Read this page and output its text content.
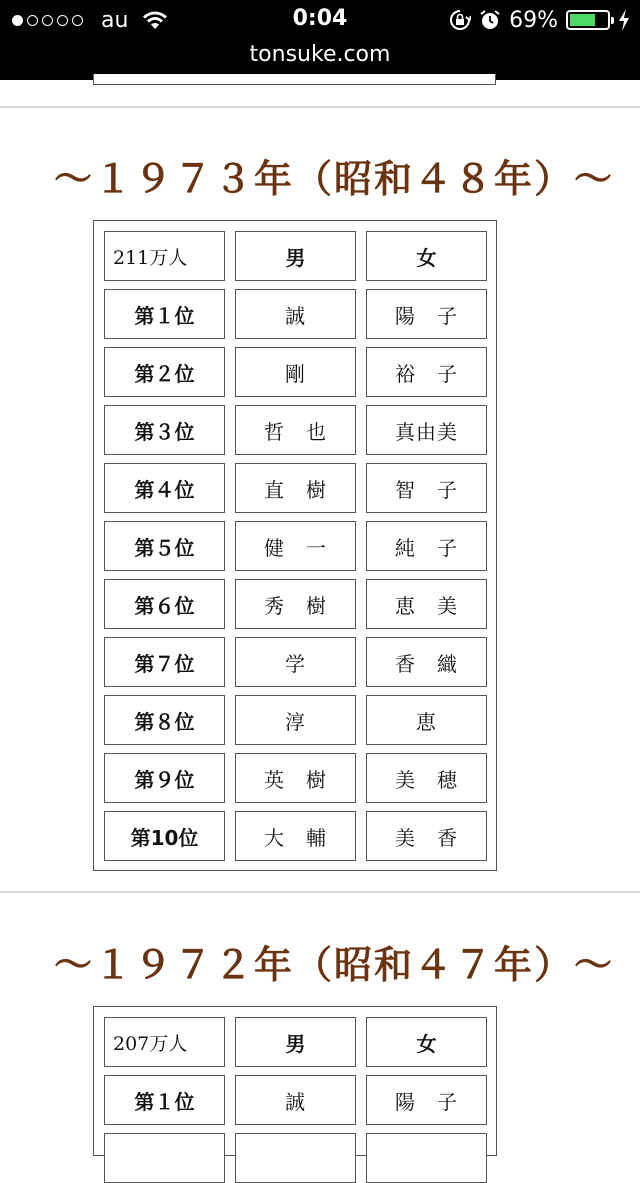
au	0:04	69%
tonsuke.com
～１９７３年（昭和４８年）～
211万人	男	女
第１位	誠	陽　子
第２位	剛	裕　子
第３位	哲　也	真由美
第４位	直　樹	智　子
第５位	健　一	純　子
第６位	秀　樹	恵　美
第７位	学	香　織
第８位	淳	恵
第９位	英　樹	美　穂
第10位	大　輔	美　香
～１９７２年（昭和４７年）～
207万人	男	女
第１位	誠	陽　子
